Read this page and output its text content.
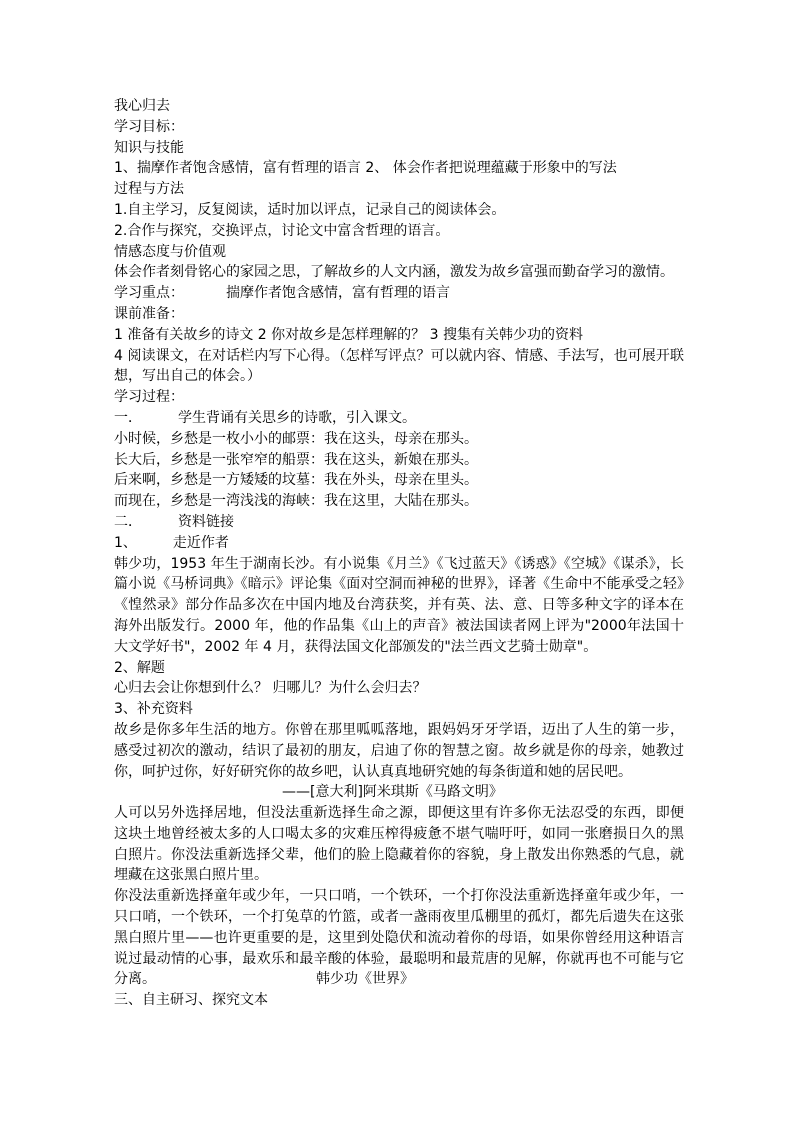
我心归去
学习目标：
知识与技能
1、揣摩作者饱含感情，富有哲理的语言 2、 体会作者把说理蕴藏于形象中的写法
过程与方法
1.自主学习，反复阅读，适时加以评点，记录自己的阅读体会。
2.合作与探究，交换评点，讨论文中富含哲理的语言。
情感态度与价值观
体会作者刻骨铭心的家园之思，了解故乡的人文内涵，激发为故乡富强而勤奋学习的激情。
学习重点：	揣摩作者饱含感情，富有哲理的语言
课前准备：
1 准备有关故乡的诗文 2 你对故乡是怎样理解的？ 3 搜集有关韩少功的资料
4 阅读课文，在对话栏内写下心得。（怎样写评点？可以就内容、情感、手法写，也可展开联想，写出自己的体会。）
学习过程：
一．	学生背诵有关思乡的诗歌，引入课文。
小时候，乡愁是一枚小小的邮票：我在这头，母亲在那头。
长大后，乡愁是一张窄窄的船票：我在这头，新娘在那头。
后来啊，乡愁是一方矮矮的坟墓：我在外头，母亲在里头。
而现在，乡愁是一湾浅浅的海峡：我在这里，大陆在那头。
二．	资料链接
1、	走近作者
韩少功，1953 年生于湖南长沙。有小说集《月兰》《飞过蓝天》《诱惑》《空城》《谋杀》，长篇小说《马桥词典》《暗示》评论集《面对空洞而神秘的世界》，译著《生命中不能承受之轻》《惶然录》部分作品多次在中国内地及台湾获奖，并有英、法、意、日等多种文字的译本在海外出版发行。2000 年，他的作品集《山上的声音》被法国读者网上评为"2000年法国十大文学好书"，2002 年 4 月，获得法国文化部颁发的"法兰西文艺骑士勋章"。
2、解题
心归去会让你想到什么？ 归哪儿？为什么会归去？
3、补充资料
故乡是你多年生活的地方。你曾在那里呱呱落地，跟妈妈牙牙学语，迈出了人生的第一步，感受过初次的激动，结识了最初的朋友，启迪了你的智慧之窗。故乡就是你的母亲，她教过你，呵护过你，好好研究你的故乡吧，认认真真地研究她的每条街道和她的居民吧。
——[意大利]阿米琪斯《马路文明》
人可以另外选择居地，但没法重新选择生命之源，即便这里有许多你无法忍受的东西，即便这块土地曾经被太多的人口喝太多的灾难压榨得疲惫不堪气喘吁吁，如同一张磨损日久的黑白照片。你没法重新选择父辈，他们的脸上隐藏着你的容貌，身上散发出你熟悉的气息，就埋藏在这张黑白照片里。
你没法重新选择童年或少年，一只口哨，一个铁环，一个打你没法重新选择童年或少年，一只口哨，一个铁环，一个打兔草的竹篮，或者一盏雨夜里瓜棚里的孤灯，都先后遗失在这张黑白照片里——也许更重要的是，这里到处隐伏和流动着你的母语，如果你曾经用这种语言说过最动情的心事，最欢乐和最辛酸的体验，最聪明和最荒唐的见解，你就再也不可能与它分离。	韩少功《世界》
三、自主研习、探究文本
